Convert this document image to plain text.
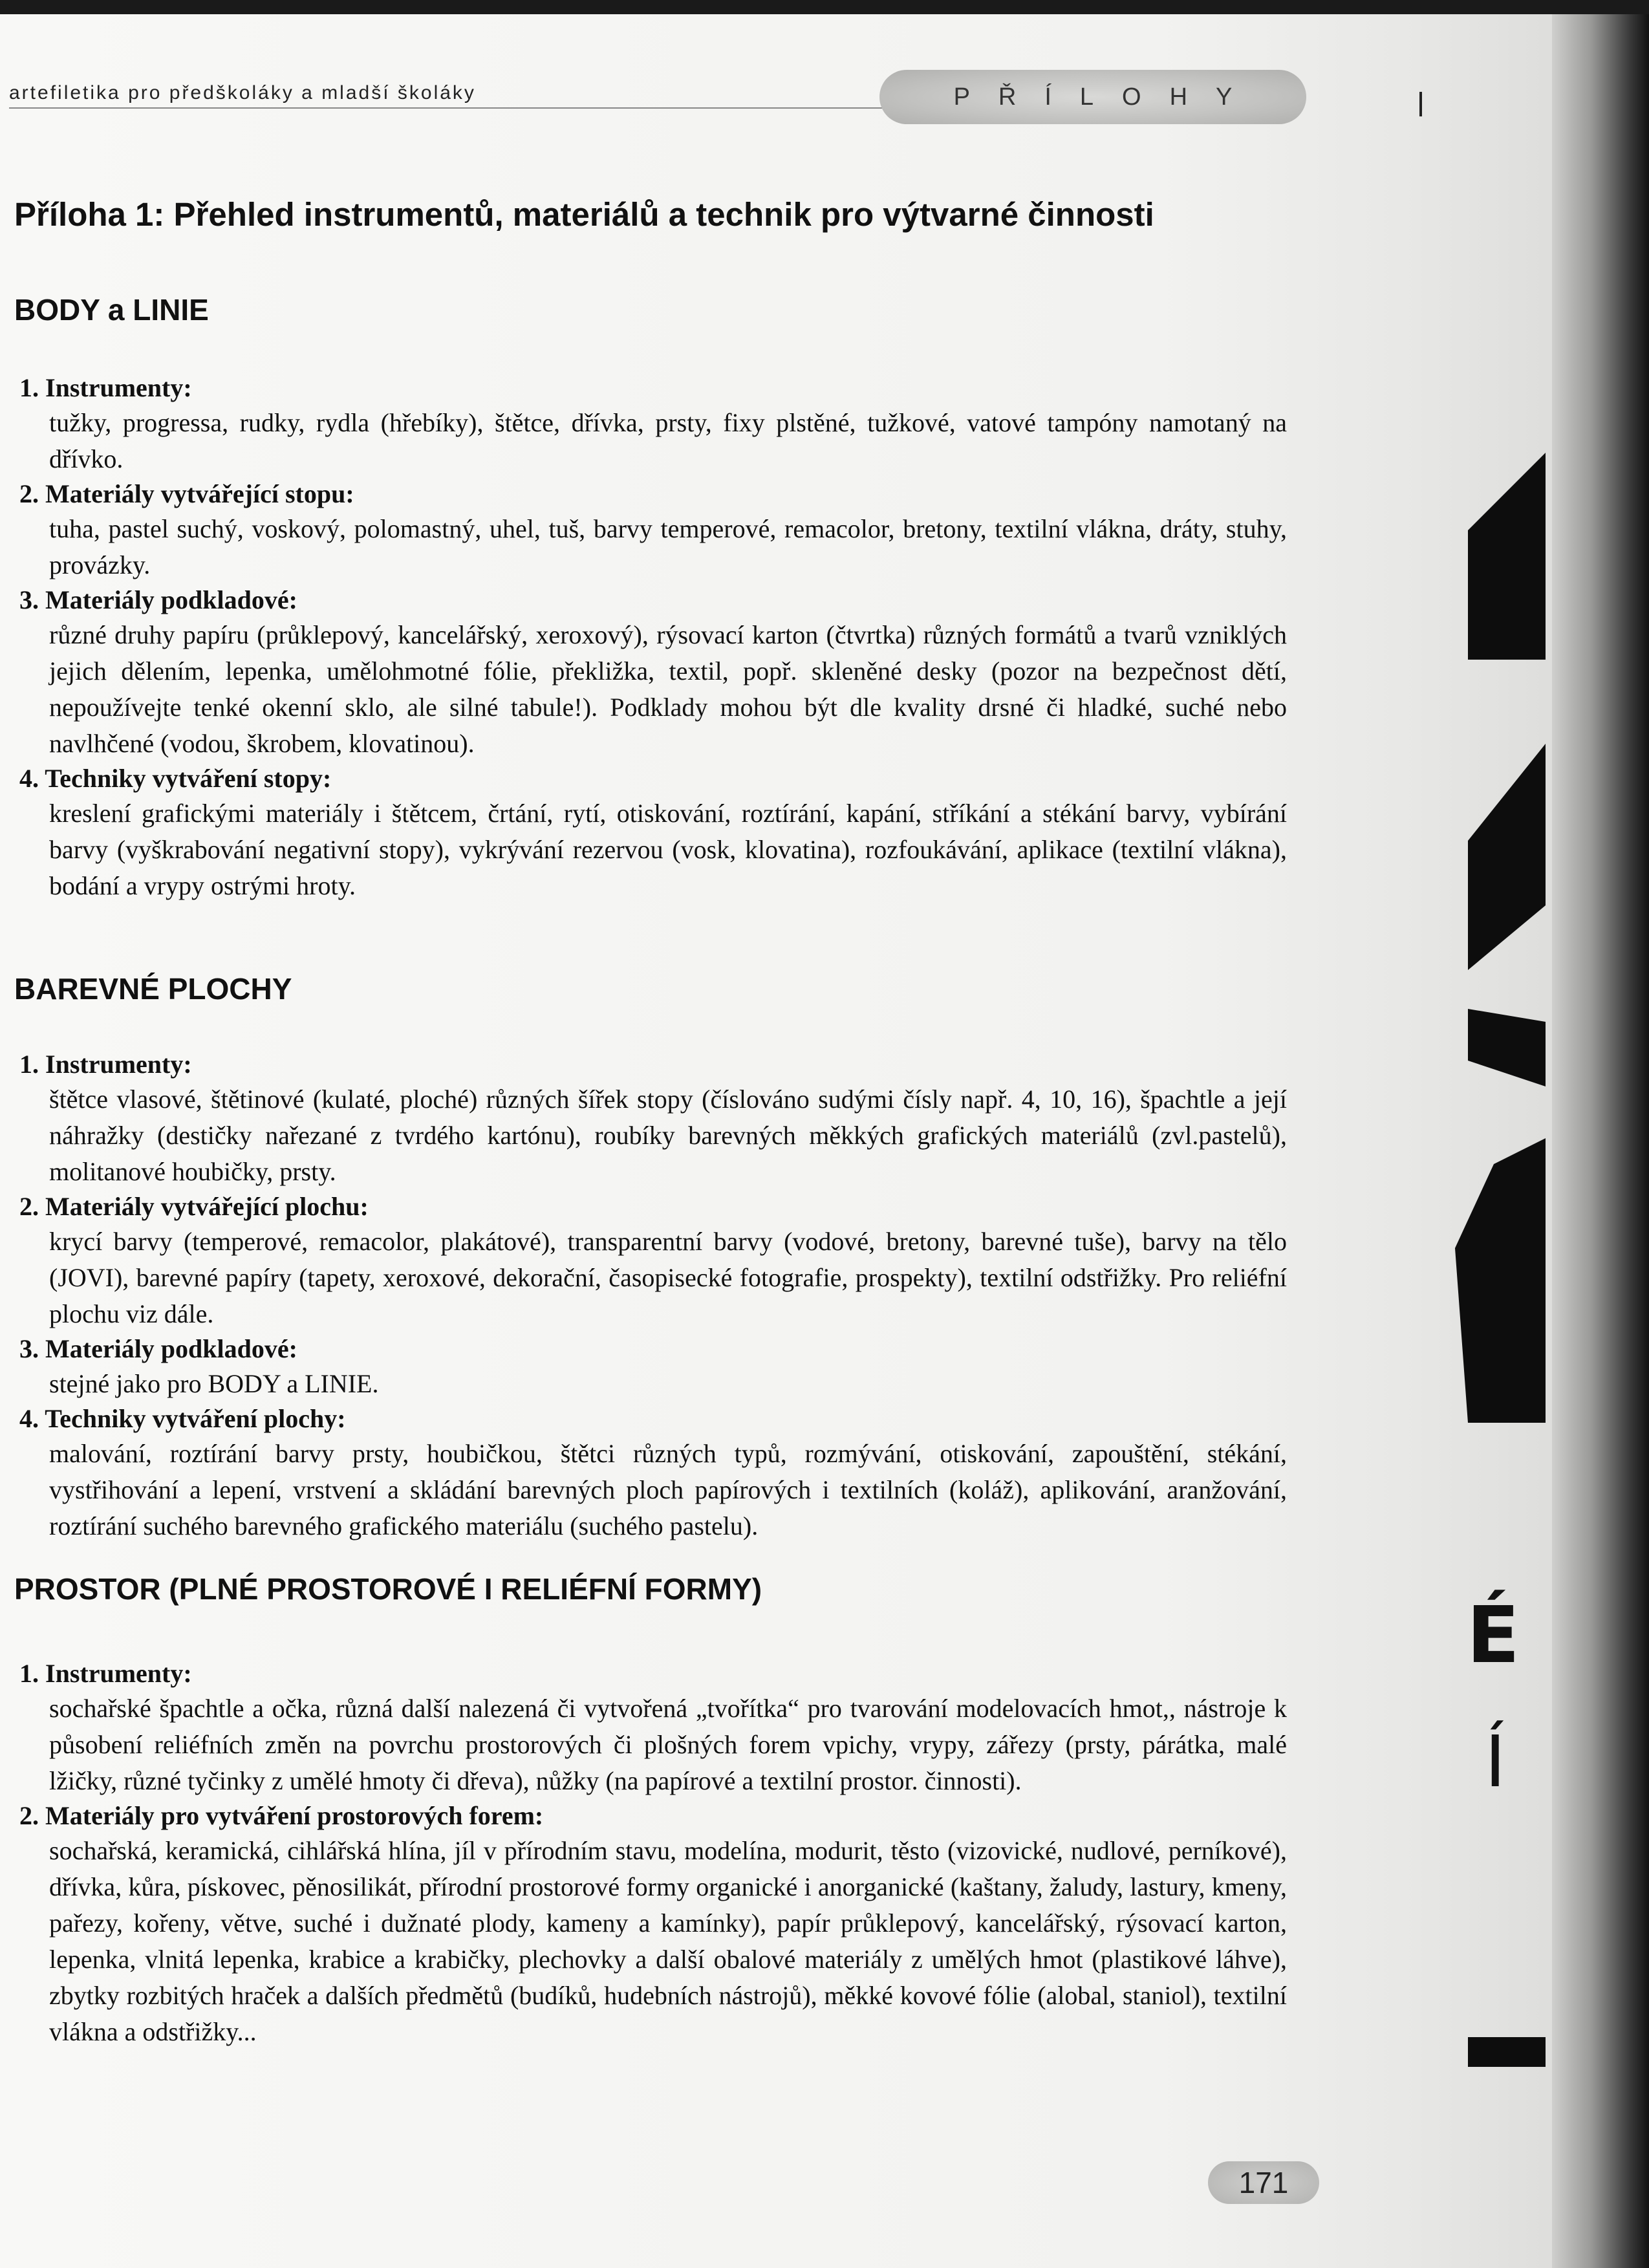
artefiletika pro předškoláky a mladší školáky	PŘÍLOHY
Příloha 1: Přehled instrumentů, materiálů a technik pro výtvarné činnosti
BODY a LINIE
1. Instrumenty:
tužky, progressa, rudky, rydla (hřebíky), štětce, dřívka, prsty, fixy plstěné, tužkové, vatové tampóny namotaný na dřívko.
2. Materiály vytvářející stopu:
tuha, pastel suchý, voskový, polomastný, uhel, tuš, barvy temperové, remacolor, bretony, textilní vlákna, dráty, stuhy, provázky.
3. Materiály podkladové:
různé druhy papíru (průklepový, kancelářský, xeroxový), rýsovací karton (čtvrtka) různých formátů a tvarů vzniklých jejich dělením, lepenka, umělohmotné fólie, překližka, textil, popř. skleněné desky (pozor na bezpečnost dětí, nepoužívejte tenké okenní sklo, ale silné tabule!). Podklady mohou být dle kvality drsné či hladké, suché nebo navlhčené (vodou, škrobem, klovatinou).
4. Techniky vytváření stopy:
kreslení grafickými materiály i štětcem, črtání, rytí, otiskování, roztírání, kapání, stříkání a stékání barvy, vybírání barvy (vyškrabování negativní stopy), vykrývání rezervou (vosk, klovatina), rozfoukávání, aplikace (textilní vlákna), bodání a vrypy ostrými hroty.
BAREVNÉ PLOCHY
1. Instrumenty:
štětce vlasové, štětinové (kulaté, ploché) různých šířek stopy (číslováno sudými čísly např. 4, 10, 16), špachtle a její náhražky (destičky nařezané z tvrdého kartónu), roubíky barevných měkkých grafických materiálů (zvl.pastelů), molitanové houbičky, prsty.
2. Materiály vytvářející plochu:
krycí barvy (temperové, remacolor, plakátové), transparentní barvy (vodové, bretony, barevné tuše), barvy na tělo (JOVI), barevné papíry (tapety, xeroxové, dekorační, časopisecké fotografie, prospekty), textilní odstřižky. Pro reliéfní plochu viz dále.
3. Materiály podkladové:
stejné jako pro BODY a LINIE.
4. Techniky vytváření plochy:
malování, roztírání barvy prsty, houbičkou, štětci různých typů, rozmývání, otiskování, zapouštění, stékání, vystřihování a lepení, vrstvení a skládání barevných ploch papírových i textilních (koláž), aplikování, aranžování, roztírání suchého barevného grafického materiálu (suchého pastelu).
PROSTOR (PLNÉ PROSTOROVÉ I RELIÉFNÍ FORMY)
1. Instrumenty:
sochařské špachtle a očka, různá další nalezená či vytvořená „tvořítka“ pro tvarování modelovacích hmot,, nástroje k působení reliéfních změn na povrchu prostorových či plošných forem vpichy, vrypy, zářezy (prsty, párátka, malé lžičky, různé tyčinky z umělé hmoty či dřeva), nůžky (na papírové a textilní prostor. činnosti).
2. Materiály pro vytváření prostorových forem:
sochařská, keramická, cihlářská hlína, jíl v přírodním stavu, modelína, modurit, těsto (vizovické, nudlové, perníkové), dřívka, kůra, pískovec, pěnosilikát, přírodní prostorové formy organické i anorganické (kaštany, žaludy, lastury, kmeny, pařezy, kořeny, větve, suché i dužnaté plody, kameny a kamínky), papír průklepový, kancelářský, rýsovací karton, lepenka, vlnitá lepenka, krabice a krabičky, plechovky a další obalové materiály z umělých hmot (plastikové láhve), zbytky rozbitých hraček a dalších předmětů (budíků, hudebních nástrojů), měkké kovové fólie (alobal, staniol), textilní vlákna a odstřižky...
171
É
Í
